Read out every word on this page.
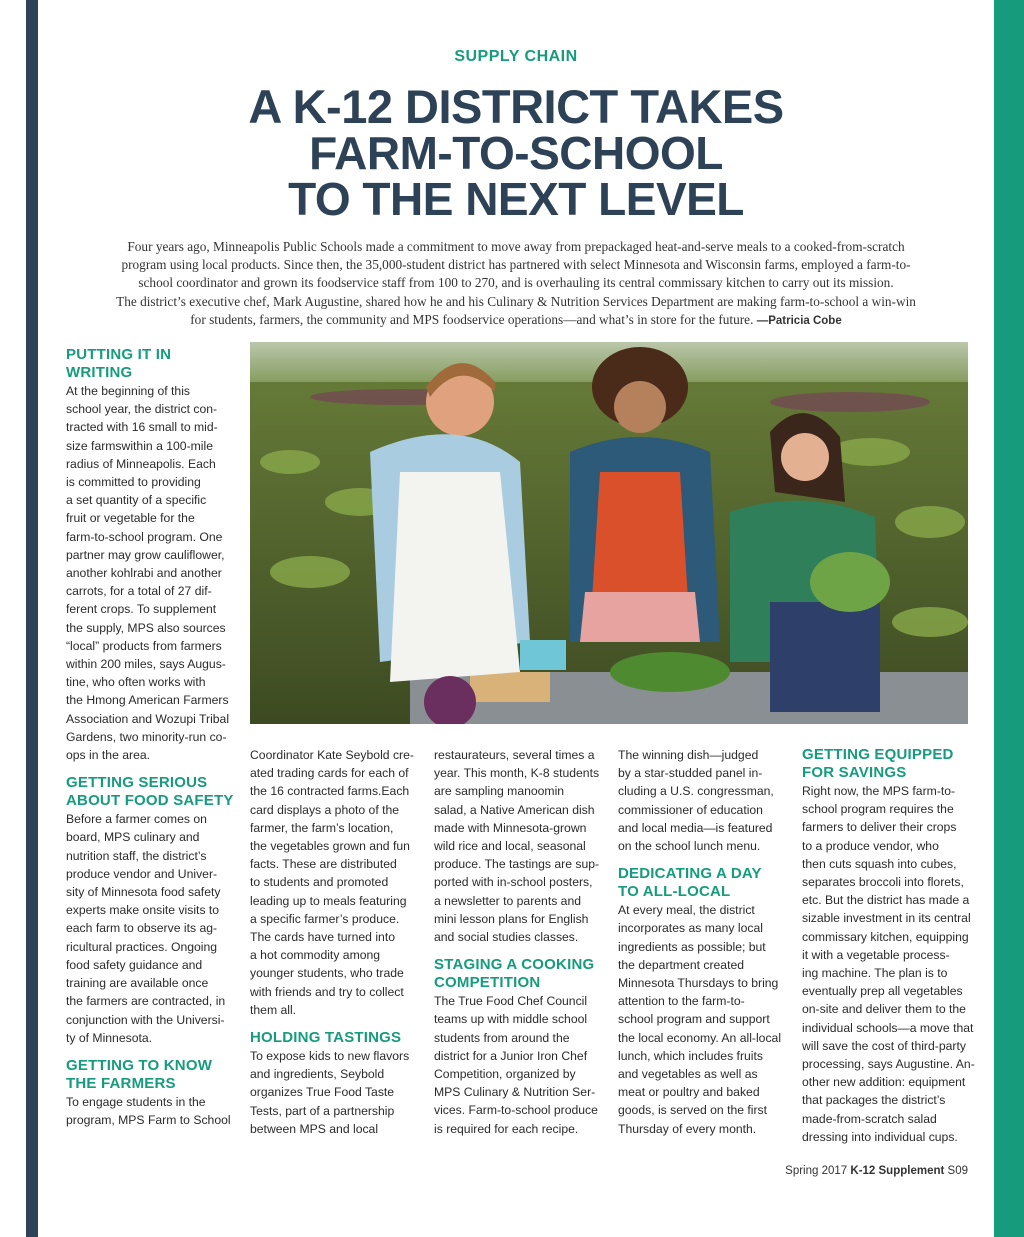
SUPPLY CHAIN
A K-12 DISTRICT TAKES
FARM-TO-SCHOOL
TO THE NEXT LEVEL
Four years ago, Minneapolis Public Schools made a commitment to move away from prepackaged heat-and-serve meals to a cooked-from-scratch
program using local products. Since then, the 35,000-student district has partnered with select Minnesota and Wisconsin farms, employed a farm-to-
school coordinator and grown its foodservice staff from 100 to 270, and is overhauling its central commissary kitchen to carry out its mission.
The district’s executive chef, Mark Augustine, shared how he and his Culinary & Nutrition Services Department are making farm-to-school a win-win
for students, farmers, the community and MPS foodservice operations—and what’s in store for the future. —Patricia Cobe
PUTTING IT IN
WRITING
At the beginning of this
school year, the district con-
tracted with 16 small to mid-
size farmswithin a 100-mile
radius of Minneapolis. Each
is committed to providing
a set quantity of a specific
fruit or vegetable for the
farm-to-school program. One
partner may grow cauliflower,
another kohlrabi and another
carrots, for a total of 27 dif-
ferent crops. To supplement
the supply, MPS also sources
“local” products from farmers
within 200 miles, says Augus-
tine, who often works with
the Hmong American Farmers
Association and Wozupi Tribal
Gardens, two minority-run co-
ops in the area.
GETTING SERIOUS
ABOUT FOOD SAFETY
Before a farmer comes on
board, MPS culinary and
nutrition staff, the district’s
produce vendor and Univer-
sity of Minnesota food safety
experts make onsite visits to
each farm to observe its ag-
ricultural practices. Ongoing
food safety guidance and
training are available once
the farmers are contracted, in
conjunction with the Universi-
ty of Minnesota.
GETTING TO KNOW
THE FARMERS
To engage students in the
program, MPS Farm to School
Coordinator Kate Seybold cre-
ated trading cards for each of
the 16 contracted farms.Each
card displays a photo of the
farmer, the farm’s location,
the vegetables grown and fun
facts. These are distributed
to students and promoted
leading up to meals featuring
a specific farmer’s produce.
The cards have turned into
a hot commodity among
younger students, who trade
with friends and try to collect
them all.
HOLDING TASTINGS
To expose kids to new flavors
and ingredients, Seybold
organizes True Food Taste
Tests, part of a partnership
between MPS and local
restaurateurs, several times a
year. This month, K-8 students
are sampling manoomin
salad, a Native American dish
made with Minnesota-grown
wild rice and local, seasonal
produce. The tastings are sup-
ported with in-school posters,
a newsletter to parents and
mini lesson plans for English
and social studies classes.
STAGING A COOKING
COMPETITION
The True Food Chef Council
teams up with middle school
students from around the
district for a Junior Iron Chef
Competition, organized by
MPS Culinary & Nutrition Ser-
vices. Farm-to-school produce
is required for each recipe.
The winning dish—judged
by a star-studded panel in-
cluding a U.S. congressman,
commissioner of education
and local media—is featured
on the school lunch menu.
DEDICATING A DAY
TO ALL-LOCAL
At every meal, the district
incorporates as many local
ingredients as possible; but
the department created
Minnesota Thursdays to bring
attention to the farm-to-
school program and support
the local economy. An all-local
lunch, which includes fruits
and vegetables as well as
meat or poultry and baked
goods, is served on the first
Thursday of every month.
GETTING EQUIPPED
FOR SAVINGS
Right now, the MPS farm-to-
school program requires the
farmers to deliver their crops
to a produce vendor, who
then cuts squash into cubes,
separates broccoli into florets,
etc. But the district has made a
sizable investment in its central
commissary kitchen, equipping
it with a vegetable process-
ing machine. The plan is to
eventually prep all vegetables
on-site and deliver them to the
individual schools—a move that
will save the cost of third-party
processing, says Augustine. An-
other new addition: equipment
that packages the district’s
made-from-scratch salad
dressing into individual cups.
Spring 2017 K-12 Supplement S09
